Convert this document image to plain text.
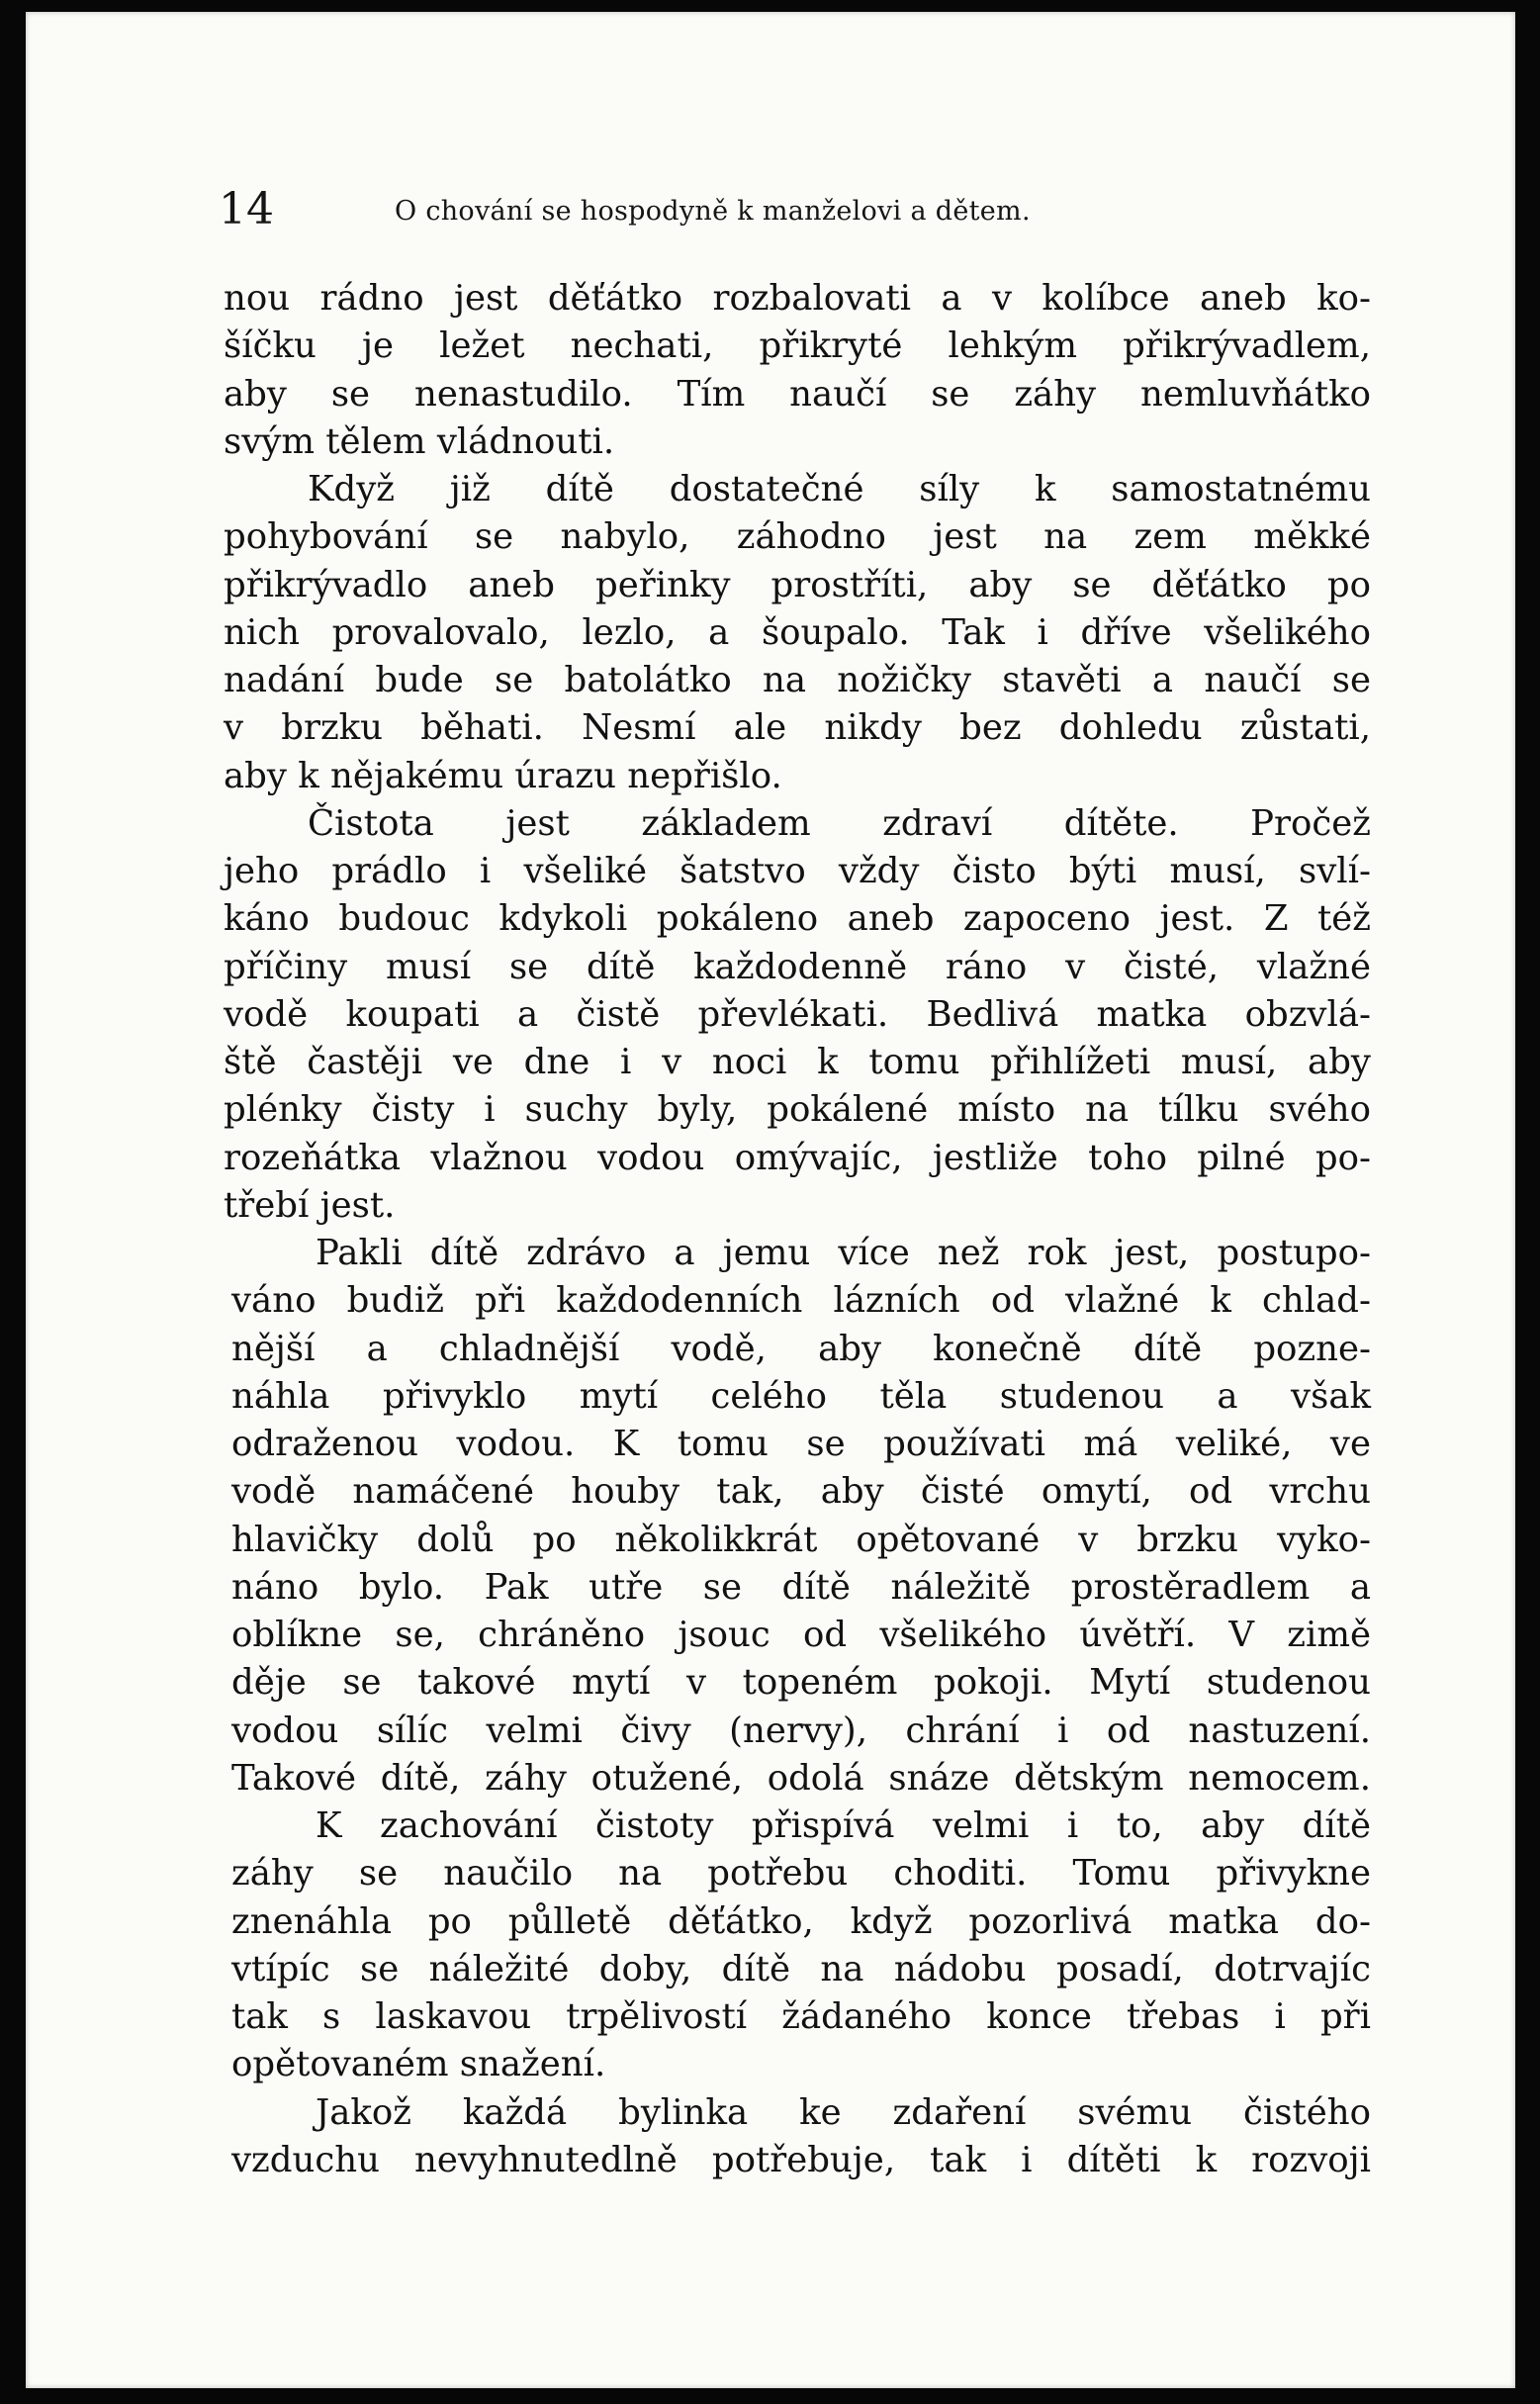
14	O chování se hospodyně k manželovi a dětem.
nou rádno jest děťátko rozbalovati a v kolíbce aneb ko-
šíčku je ležet nechati, přikryté lehkým přikrývadlem,
aby se nenastudilo. Tím naučí se záhy nemluvňátko
svým tělem vládnouti.
Když již dítě dostatečné síly k samostatnému
pohybování se nabylo, záhodno jest na zem měkké
přikrývadlo aneb peřinky prostříti, aby se děťátko po
nich provalovalo, lezlo, a šoupalo. Tak i dříve všelikého
nadání bude se batolátko na nožičky stavěti a naučí se
v brzku běhati. Nesmí ale nikdy bez dohledu zůstati,
aby k nějakému úrazu nepřišlo.
Čistota jest základem zdraví dítěte. Pročež
jeho prádlo i všeliké šatstvo vždy čisto býti musí, svlí-
káno budouc kdykoli pokáleno aneb zapoceno jest. Z též
příčiny musí se dítě každodenně ráno v čisté, vlažné
vodě koupati a čistě převlékati. Bedlivá matka obzvlá-
ště častěji ve dne i v noci k tomu přihlížeti musí, aby
plénky čisty i suchy byly, pokálené místo na tílku svého
rozeňátka vlažnou vodou omývajíc, jestliže toho pilné po-
třebí jest.
Pakli dítě zdrávo a jemu více než rok jest, postupo-
váno budiž při každodenních lázních od vlažné k chlad-
nější a chladnější vodě, aby konečně dítě pozne-
náhla přivyklo mytí celého těla studenou a však
odraženou vodou. K tomu se používati má veliké, ve
vodě namáčené houby tak, aby čisté omytí, od vrchu
hlavičky dolů po několikkrát opětované v brzku vyko-
náno bylo. Pak utře se dítě náležitě prostěradlem a
oblíkne se, chráněno jsouc od všelikého úvětří. V zimě
děje se takové mytí v topeném pokoji. Mytí studenou
vodou sílíc velmi čivy (nervy), chrání i od nastuzení.
Takové dítě, záhy otužené, odolá snáze dětským nemocem.
K zachování čistoty přispívá velmi i to, aby dítě
záhy se naučilo na potřebu choditi. Tomu přivykne
znenáhla po půlletě děťátko, když pozorlivá matka do-
vtípíc se náležité doby, dítě na nádobu posadí, dotrvajíc
tak s laskavou trpělivostí žádaného konce třebas i při
opětovaném snažení.
Jakož každá bylinka ke zdaření svému čistého
vzduchu nevyhnutedlně potřebuje, tak i dítěti k rozvoji
